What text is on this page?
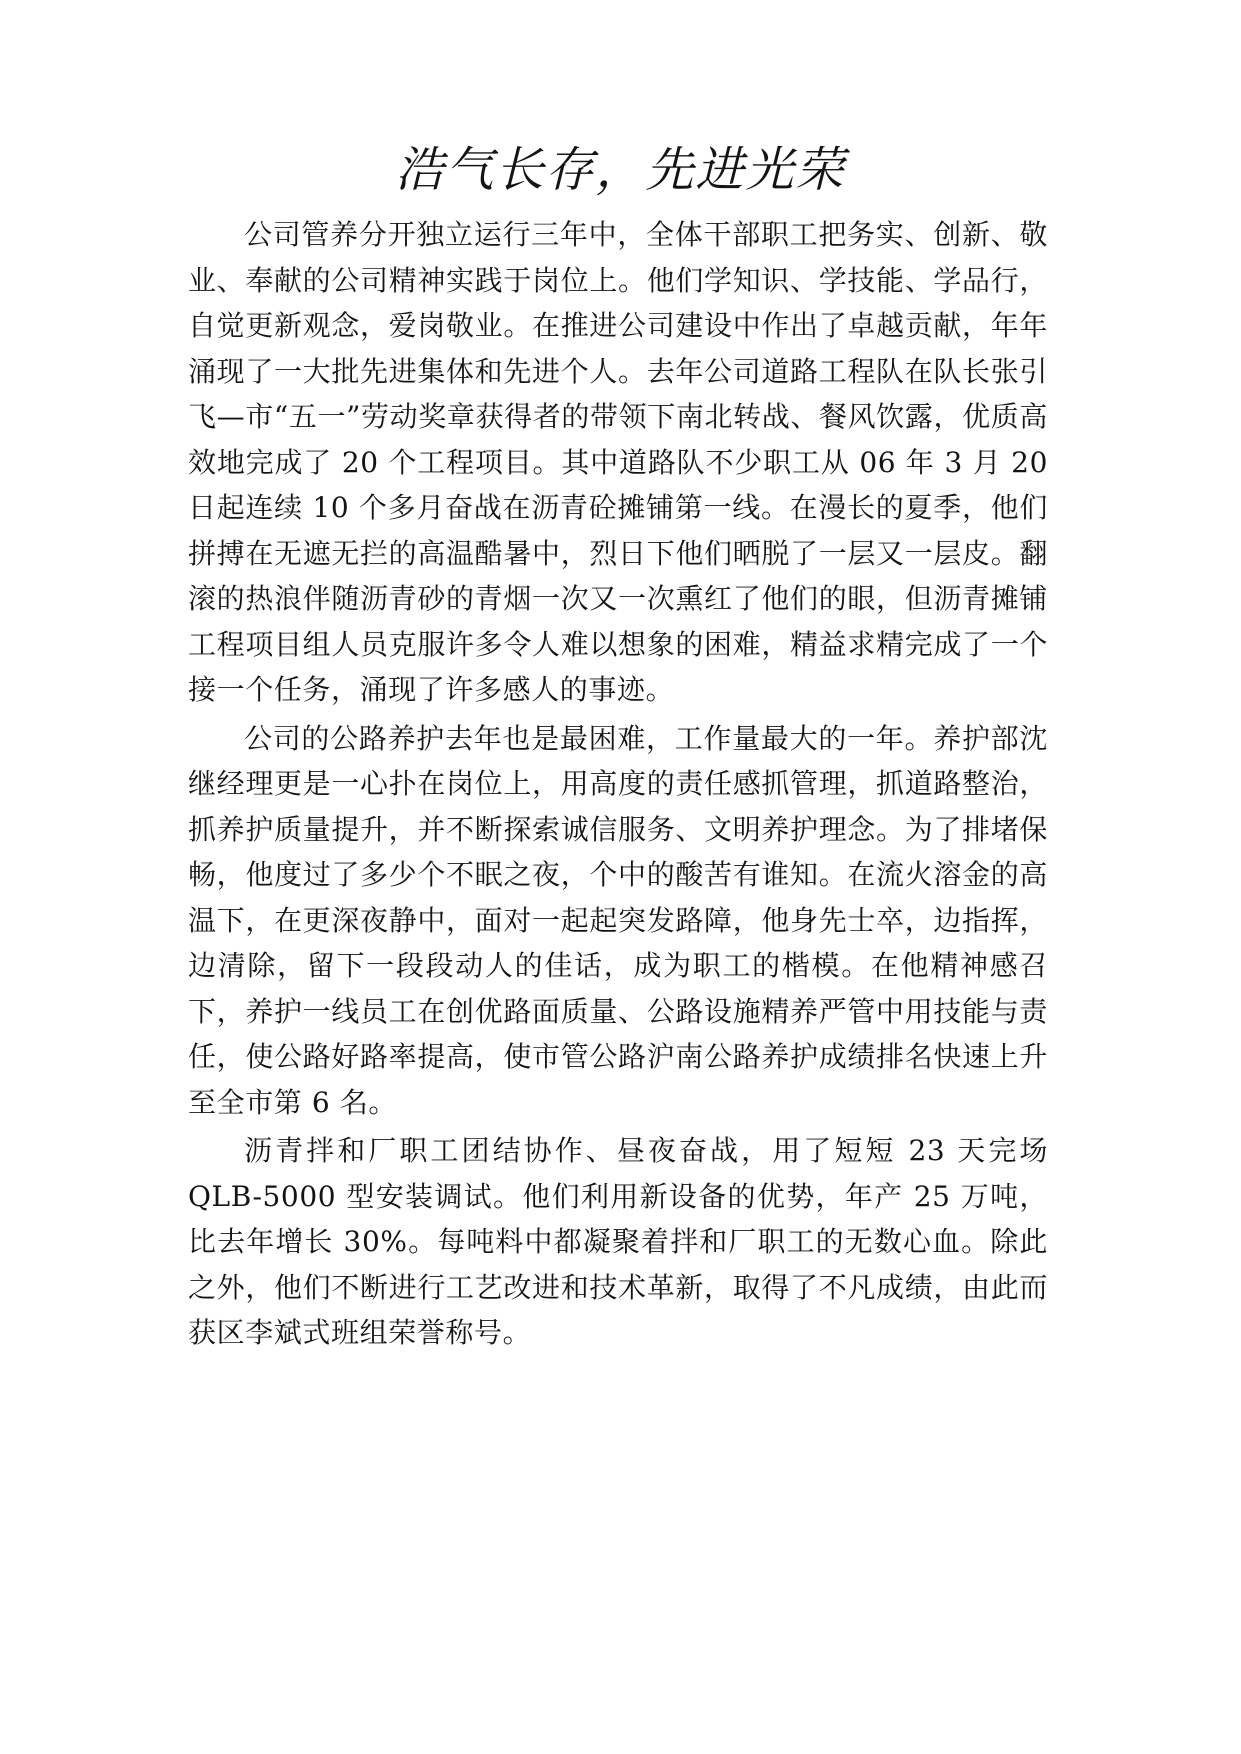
浩气长存，先进光荣

公司管养分开独立运行三年中，全体干部职工把务实、创新、敬业、奉献的公司精神实践于岗位上。他们学知识、学技能、学品行，自觉更新观念，爱岗敬业。在推进公司建设中作出了卓越贡献，年年涌现了一大批先进集体和先进个人。去年公司道路工程队在队长张引飞—市“五一”劳动奖章获得者的带领下南北转战、餐风饮露，优质高效地完成了 20 个工程项目。其中道路队不少职工从 06 年 3 月 20 日起连续 10 个多月奋战在沥青砼摊铺第一线。在漫长的夏季，他们拼搏在无遮无拦的高温酷暑中，烈日下他们晒脱了一层又一层皮。翻滚的热浪伴随沥青砂的青烟一次又一次熏红了他们的眼，但沥青摊铺工程项目组人员克服许多令人难以想象的困难，精益求精完成了一个接一个任务，涌现了许多感人的事迹。

公司的公路养护去年也是最困难，工作量最大的一年。养护部沈继经理更是一心扑在岗位上，用高度的责任感抓管理，抓道路整治，抓养护质量提升，并不断探索诚信服务、文明养护理念。为了排堵保畅，他度过了多少个不眠之夜，个中的酸苦有谁知。在流火溶金的高温下，在更深夜静中，面对一起起突发路障，他身先士卒，边指挥，边清除，留下一段段动人的佳话，成为职工的楷模。在他精神感召下，养护一线员工在创优路面质量、公路设施精养严管中用技能与责任，使公路好路率提高，使市管公路沪南公路养护成绩排名快速上升至全市第 6 名。

沥青拌和厂职工团结协作、昼夜奋战，用了短短 23 天完场 QLB-5000 型安装调试。他们利用新设备的优势，年产 25 万吨，比去年增长 30%。每吨料中都凝聚着拌和厂职工的无数心血。除此之外，他们不断进行工艺改进和技术革新，取得了不凡成绩，由此而获区李斌式班组荣誉称号。
